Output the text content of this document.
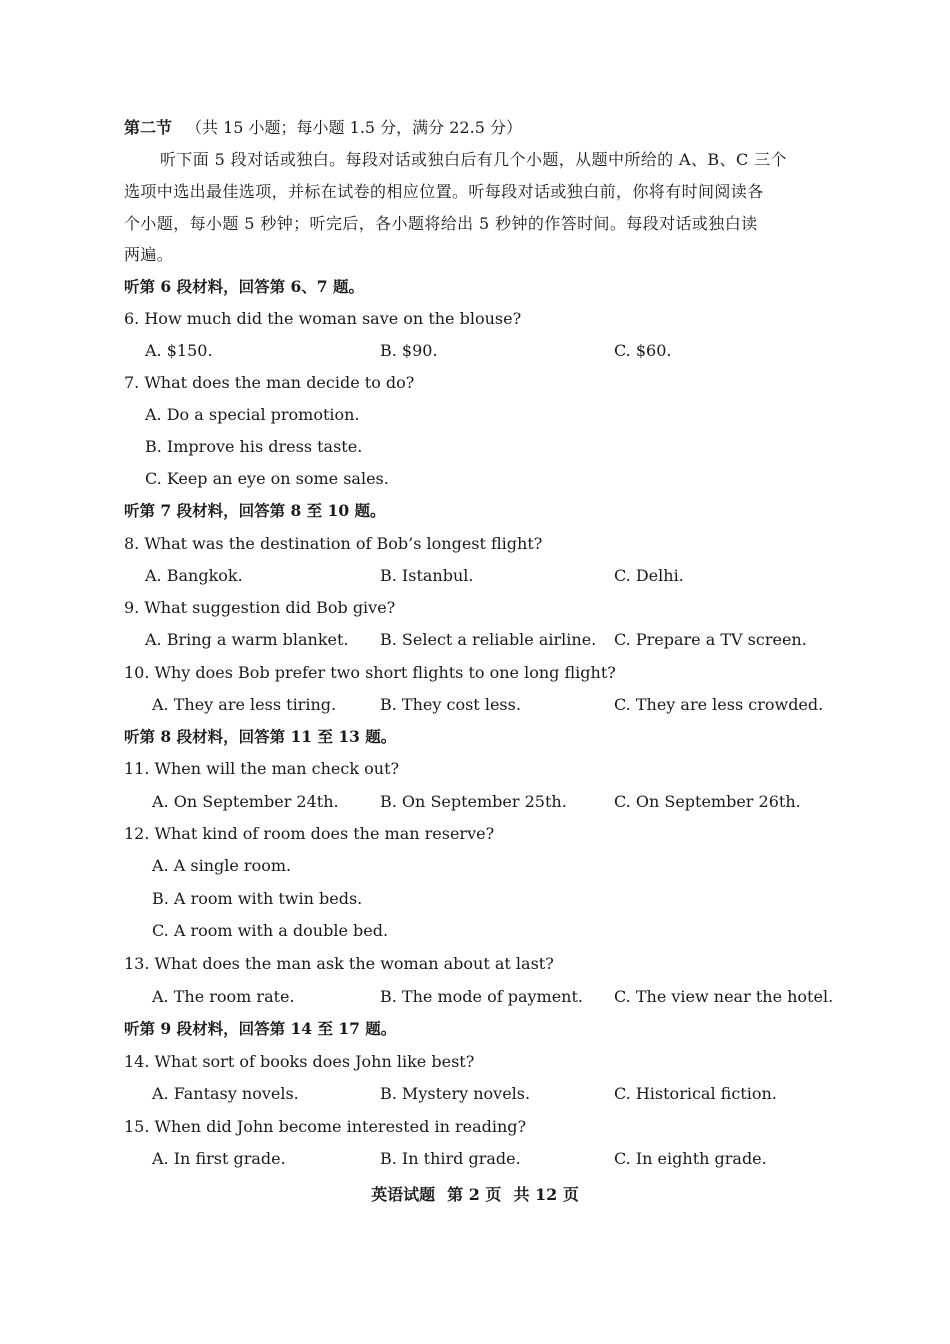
第二节 （共 15 小题；每小题 1.5 分，满分 22.5 分）
听下面 5 段对话或独白。每段对话或独白后有几个小题，从题中所给的 A、B、C 三个
选项中选出最佳选项，并标在试卷的相应位置。听每段对话或独白前，你将有时间阅读各
个小题，每小题 5 秒钟；听完后，各小题将给出 5 秒钟的作答时间。每段对话或独白读
两遍。
听第 6 段材料，回答第 6、7 题。
6. How much did the woman save on the blouse?
A. $150.	B. $90.	C. $60.
7. What does the man decide to do?
A. Do a special promotion.
B. Improve his dress taste.
C. Keep an eye on some sales.
听第 7 段材料，回答第 8 至 10 题。
8. What was the destination of Bob’s longest flight?
A. Bangkok.	B. Istanbul.	C. Delhi.
9. What suggestion did Bob give?
A. Bring a warm blanket. B. Select a reliable airline. C. Prepare a TV screen.
10. Why does Bob prefer two short flights to one long flight?
A. They are less tiring.	B. They cost less.	C. They are less crowded.
听第 8 段材料，回答第 11 至 13 题。
11. When will the man check out?
A. On September 24th.	B. On September 25th.	C. On September 26th.
12. What kind of room does the man reserve?
A. A single room.
B. A room with twin beds.
C. A room with a double bed.
13. What does the man ask the woman about at last?
A. The room rate.	B. The mode of payment. C. The view near the hotel.
听第 9 段材料，回答第 14 至 17 题。
14. What sort of books does John like best?
A. Fantasy novels.	B. Mystery novels.	C. Historical fiction.
15. When did John become interested in reading?
A. In first grade.	B. In third grade.	C. In eighth grade.
英语试题 第 2 页 共 12 页
